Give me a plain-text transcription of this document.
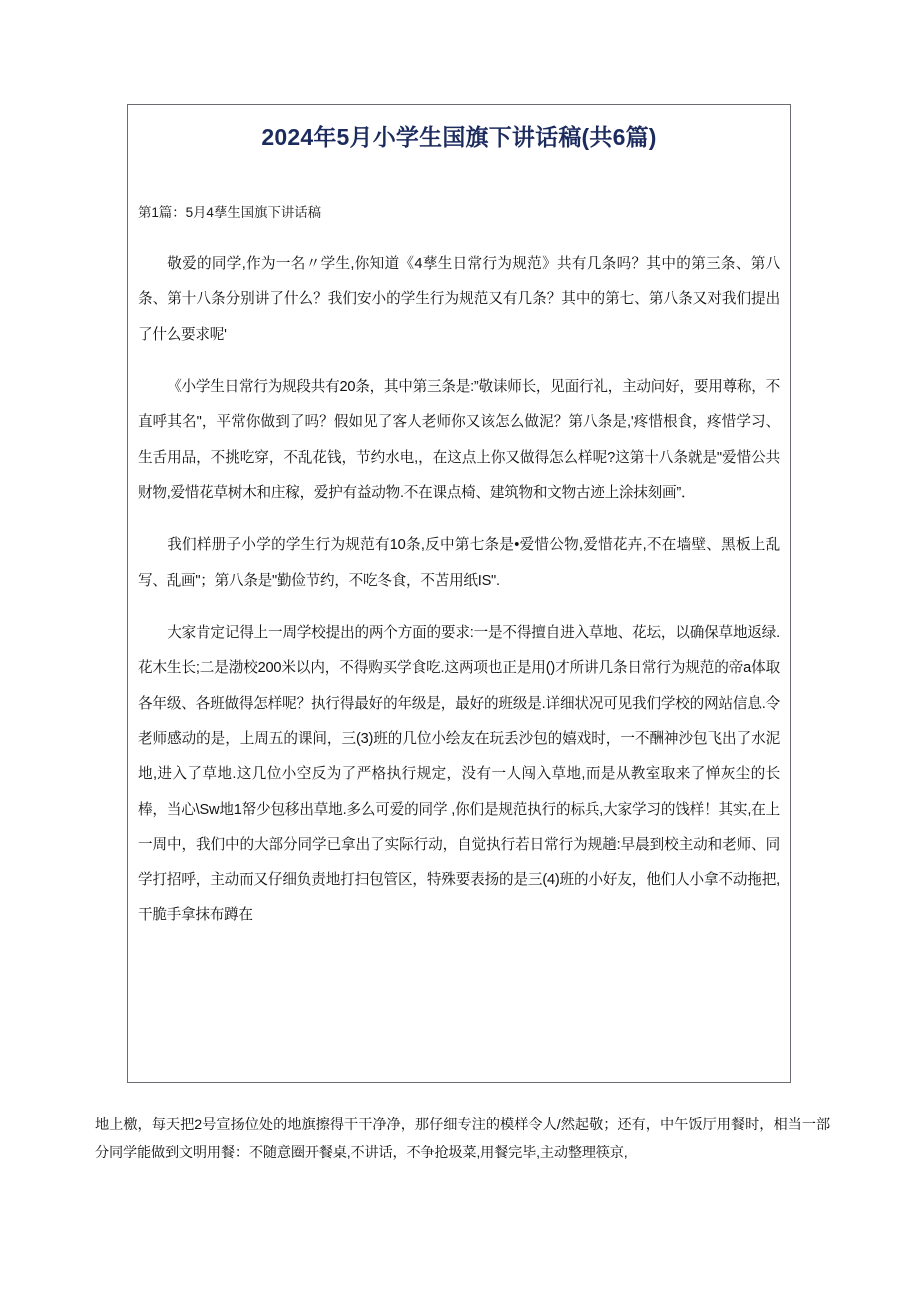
2024年5月小学生国旗下讲话稿(共6篇)

第1篇：5月4孶生国旗下讲话稿

敬爱的同学,作为一名〃学生,你知道《4孶生日常行为规范》共有几条吗？其中的第三条、第八条、第十八条分别讲了什么？我们安小的学生行为规范又有几条？其中的第七、第八条又对我们提出了什么要求呢'

《小学生日常行为规段共有20条，其中第三条是:”敬诔师长，见面行礼，主动问好，要用尊称，不直呼其名"，平常你做到了吗？假如见了客人老师你又该怎么做泥？第八条是,'疼惜根食，疼惜学习、生舌用品，不挑吃穿，不乱花钱，节约水电,，在这点上你又做得怎么样呢?这第十八条就是"爱惜公共财物,爱惜花草树木和庄稼，爱护有益动物.不在课点椅、建筑物和文物古迹上涂抹刻画”．

我们样册子小学的学生行为规范有10条,反中第七条是•爱惜公物,爱惜花卉,不在墙壁、黑板上乱写、乱画"；第八条是"勤俭节约，不吃冬食，不苫用纸IS".

大家肯定记得上一周学校提出的两个方面的要求:一是不得擅自进入草地、花坛，以确保草地返绿.花木生长;二是渤校200米以内，不得购买学食吃.这两项也正是用()才所讲几条日常行为规范的帝a体取各年级、各班做得怎样呢？执行得最好的年级是，最好的班级是.详细状况可见我们学校的网站信息.令老师感动的是，上周五的课间，三(3)班的几位小绘友在玩丢沙包的嬉戏时，一不酬神沙包飞出了水泥地,进入了草地.这几位小空反为了严格执行规定，没有一人闯入草地,而是从教室取来了惮灰尘的长棒，当心\Sw地1帑少包移出草地.多么可爱的同学 ,你们是规范执行的标兵,大家学习的饯样！其实,在上一周中，我们中的大部分同学已拿出了实际行动，自觉执行若日常行为规趟:早晨到校主动和老师、同学打招呼，主动而又仔细负责地打扫包管区，特殊要表扬的是三(4)班的小好友，他们人小拿不动拖把,干脆手拿抹布蹲在

地上檄，每天把2号宣扬位处的地旗擦得干干净净，那仔细专注的模样令人/然起敬；还有，中午饭厅用餐时，相当一部分同学能做到文明用餐：不随意圈开餐桌,不讲话，不争抢圾菜,用餐完毕,主动整理筷京,
